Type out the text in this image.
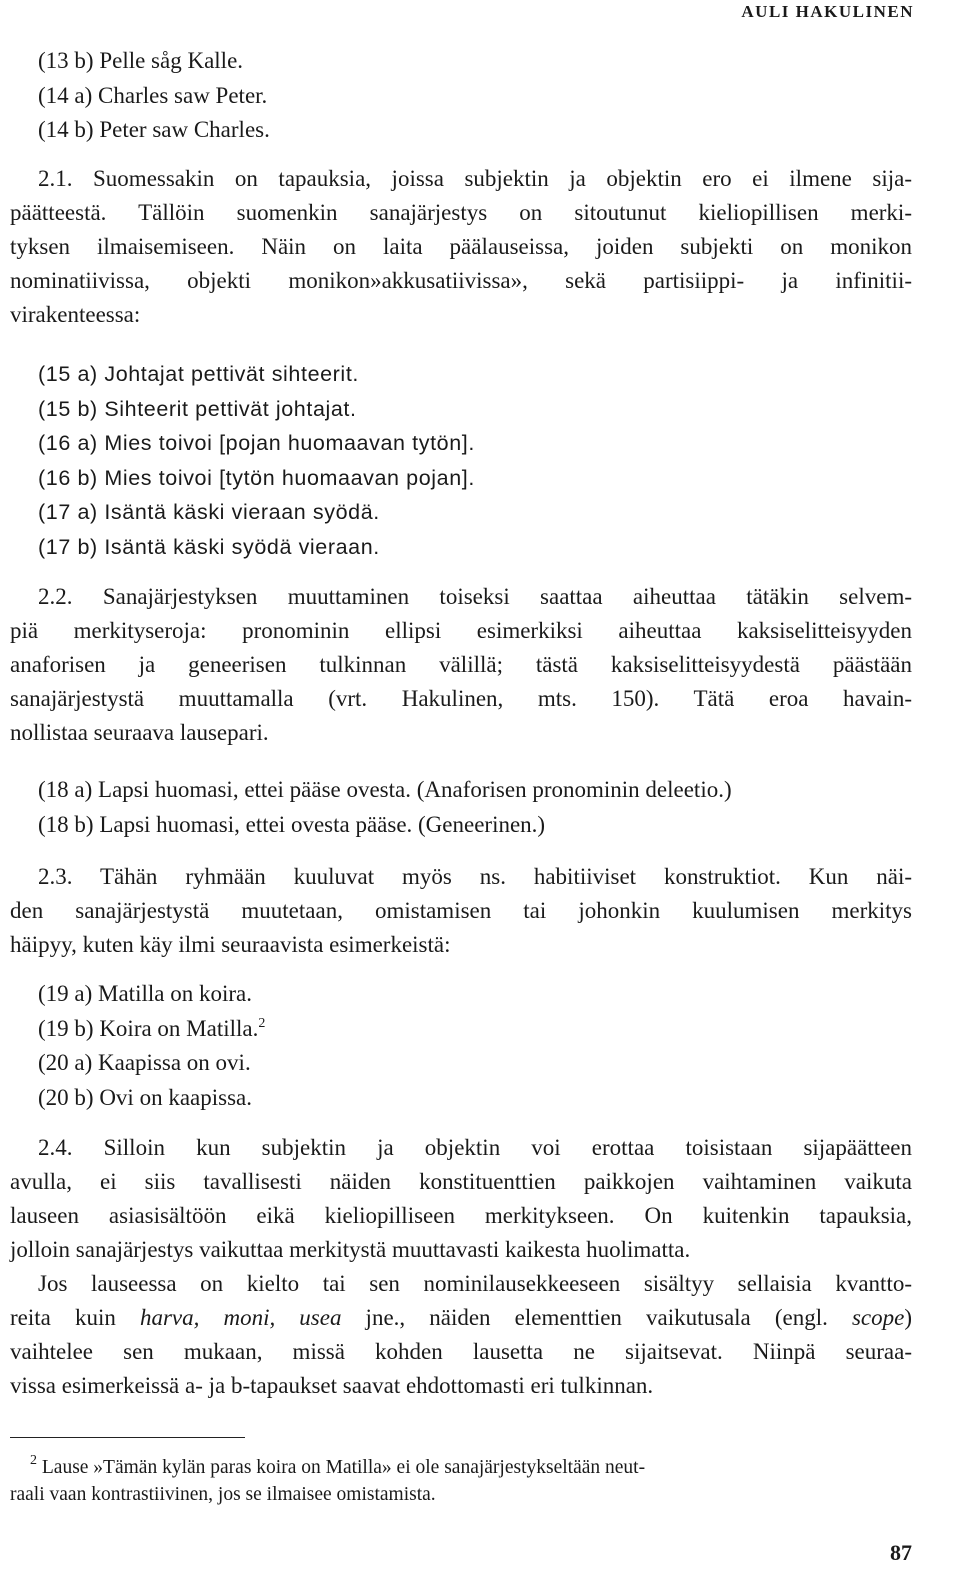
AULI HAKULINEN
(13 b) Pelle såg Kalle.
(14 a) Charles saw Peter.
(14 b) Peter saw Charles.
2.1. Suomessakin on tapauksia, joissa subjektin ja objektin ero ei ilmene sija-
päätteestä. Tällöin suomenkin sanajärjestys on sitoutunut kieliopillisen merki-
tyksen ilmaisemiseen. Näin on laita päälauseissa, joiden subjekti on monikon
nominatiivissa, objekti monikon»akkusatiivissa», sekä partisiippi- ja infinitii-
virakenteessa:
(15 a) Johtajat pettivät sihteerit.
(15 b) Sihteerit pettivät johtajat.
(16 a) Mies toivoi [pojan huomaavan tytön].
(16 b) Mies toivoi [tytön huomaavan pojan].
(17 a) Isäntä käski vieraan syödä.
(17 b) Isäntä käski syödä vieraan.
2.2. Sanajärjestyksen muuttaminen toiseksi saattaa aiheuttaa tätäkin selvem-
piä merkityseroja: pronominin ellipsi esimerkiksi aiheuttaa kaksiselitteisyyden
anaforisen ja geneerisen tulkinnan välillä; tästä kaksiselitteisyydestä päästään
sanajärjestystä muuttamalla (vrt. Hakulinen, mts. 150). Tätä eroa havain-
nollistaa seuraava lausepari.
(18 a) Lapsi huomasi, ettei pääse ovesta. (Anaforisen pronominin deleetio.)
(18 b) Lapsi huomasi, ettei ovesta pääse. (Geneerinen.)
2.3. Tähän ryhmään kuuluvat myös ns. habitiiviset konstruktiot. Kun näi-
den sanajärjestystä muutetaan, omistamisen tai johonkin kuulumisen merkitys
häipyy, kuten käy ilmi seuraavista esimerkeistä:
(19 a) Matilla on koira.
(19 b) Koira on Matilla.$^2$
(20 a) Kaapissa on ovi.
(20 b) Ovi on kaapissa.
2.4. Silloin kun subjektin ja objektin voi erottaa toisistaan sijapäätteen
avulla, ei siis tavallisesti näiden konstituenttien paikkojen vaihtaminen vaikuta
lauseen asiasisältöön eikä kieliopilliseen merkitykseen. On kuitenkin tapauksia,
jolloin sanajärjestys vaikuttaa merkitystä muuttavasti kaikesta huolimatta.
Jos lauseessa on kielto tai sen nominilausekkeeseen sisältyy sellaisia kvantto-
reita kuin harva, moni, usea jne., näiden elementtien vaikutusala (engl. scope)
vaihtelee sen mukaan, missä kohden lausetta ne sijaitsevat. Niinpä seuraa-
vissa esimerkeissä a- ja b-tapaukset saavat ehdottomasti eri tulkinnan.
$^2$ Lause »Tämän kylän paras koira on Matilla» ei ole sanajärjestykseltään neut-
raali vaan kontrastiivinen, jos se ilmaisee omistamista.
87
